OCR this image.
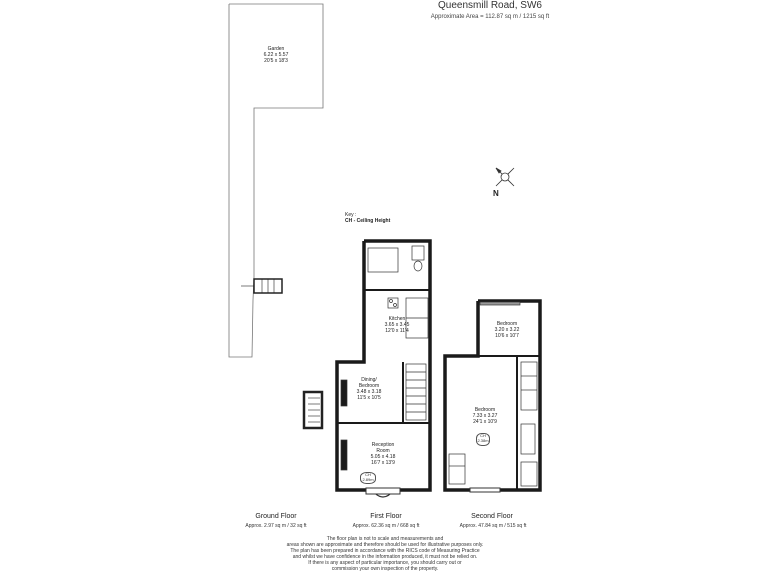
Queensmill Road, SW6
Approximate Area = 112.87 sq m / 1215 sq ft
N
Key :
CH - Ceiling Height
Garden
6.22 x 5.57
20'5 x 18'3
Kitchen
3.65 x 3.45
12'0 x 11'4
Dining/
Bedroom
3.48 x 3.18
11'5 x 10'5
Reception
Room
5.05 x 4.18
16'7 x 13'9
Bedroom
3.20 x 3.22
10'6 x 10'7
Bedroom
7.33 x 3.27
24'1 x 10'9
CH
2.89m
CH
2.38m
Ground Floor
Approx. 2.97 sq m / 32 sq ft
First Floor
Approx. 62.36 sq m / 668 sq ft
Second Floor
Approx. 47.84 sq m / 515 sq ft
The floor plan is not to scale and measurements and
areas shown are approximate and therefore should be used for illustrative purposes only.
The plan has been prepared in accordance with the RICS code of Measuring Practice
and whilst we have confidence in the information produced, it must not be relied on.
If there is any aspect of particular importance, you should carry out or
commission your own inspection of the property.
